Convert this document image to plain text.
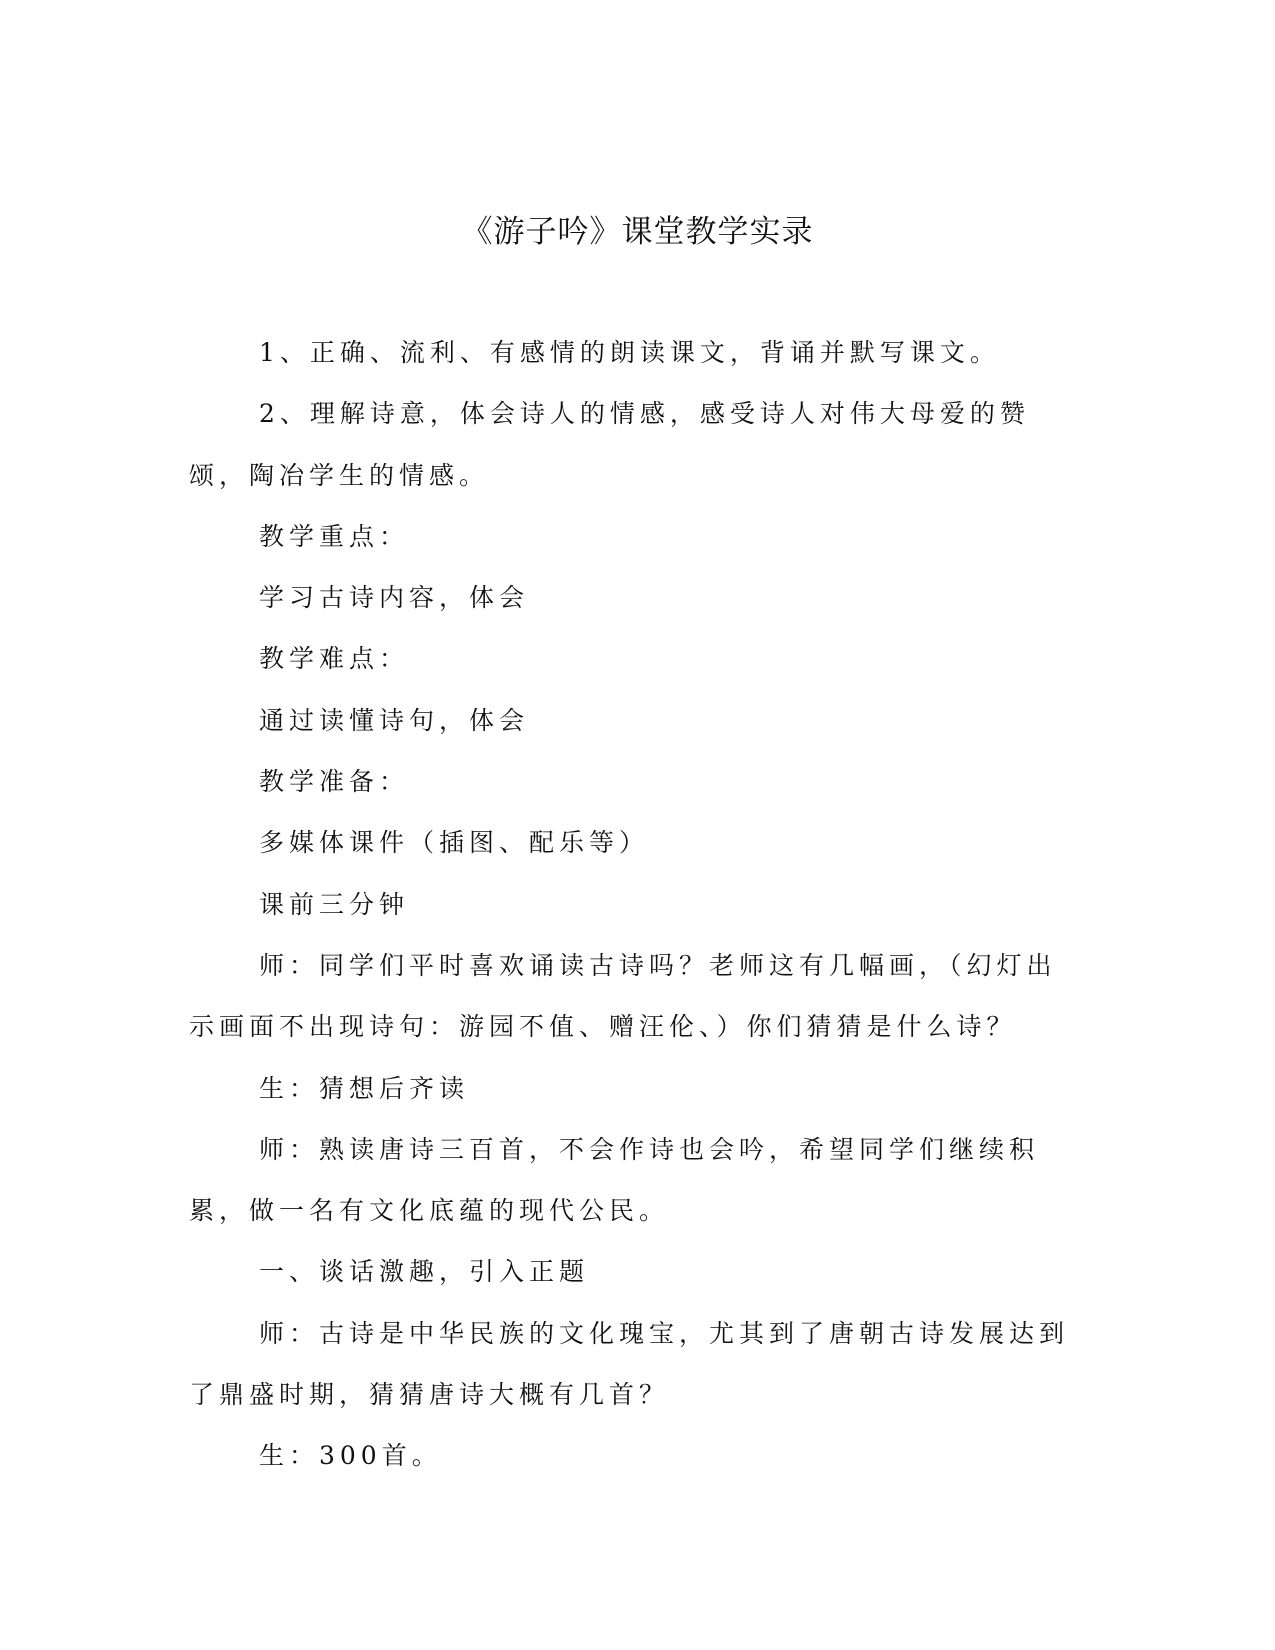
《游子吟》课堂教学实录

1、正确、流利、有感情的朗读课文，背诵并默写课文。

2、理解诗意，体会诗人的情感，感受诗人对伟大母爱的赞颂，陶冶学生的情感。

教学重点：

学习古诗内容，体会

教学难点：

通过读懂诗句，体会

教学准备：

多媒体课件（插图、配乐等）

课前三分钟

师：同学们平时喜欢诵读古诗吗？老师这有几幅画，（幻灯出示画面不出现诗句：游园不值、赠汪伦、）你们猜猜是什么诗？

生：猜想后齐读

师：熟读唐诗三百首，不会作诗也会吟，希望同学们继续积累，做一名有文化底蕴的现代公民。

一、谈话激趣，引入正题

师：古诗是中华民族的文化瑰宝，尤其到了唐朝古诗发展达到了鼎盛时期，猜猜唐诗大概有几首？

生：300首。
